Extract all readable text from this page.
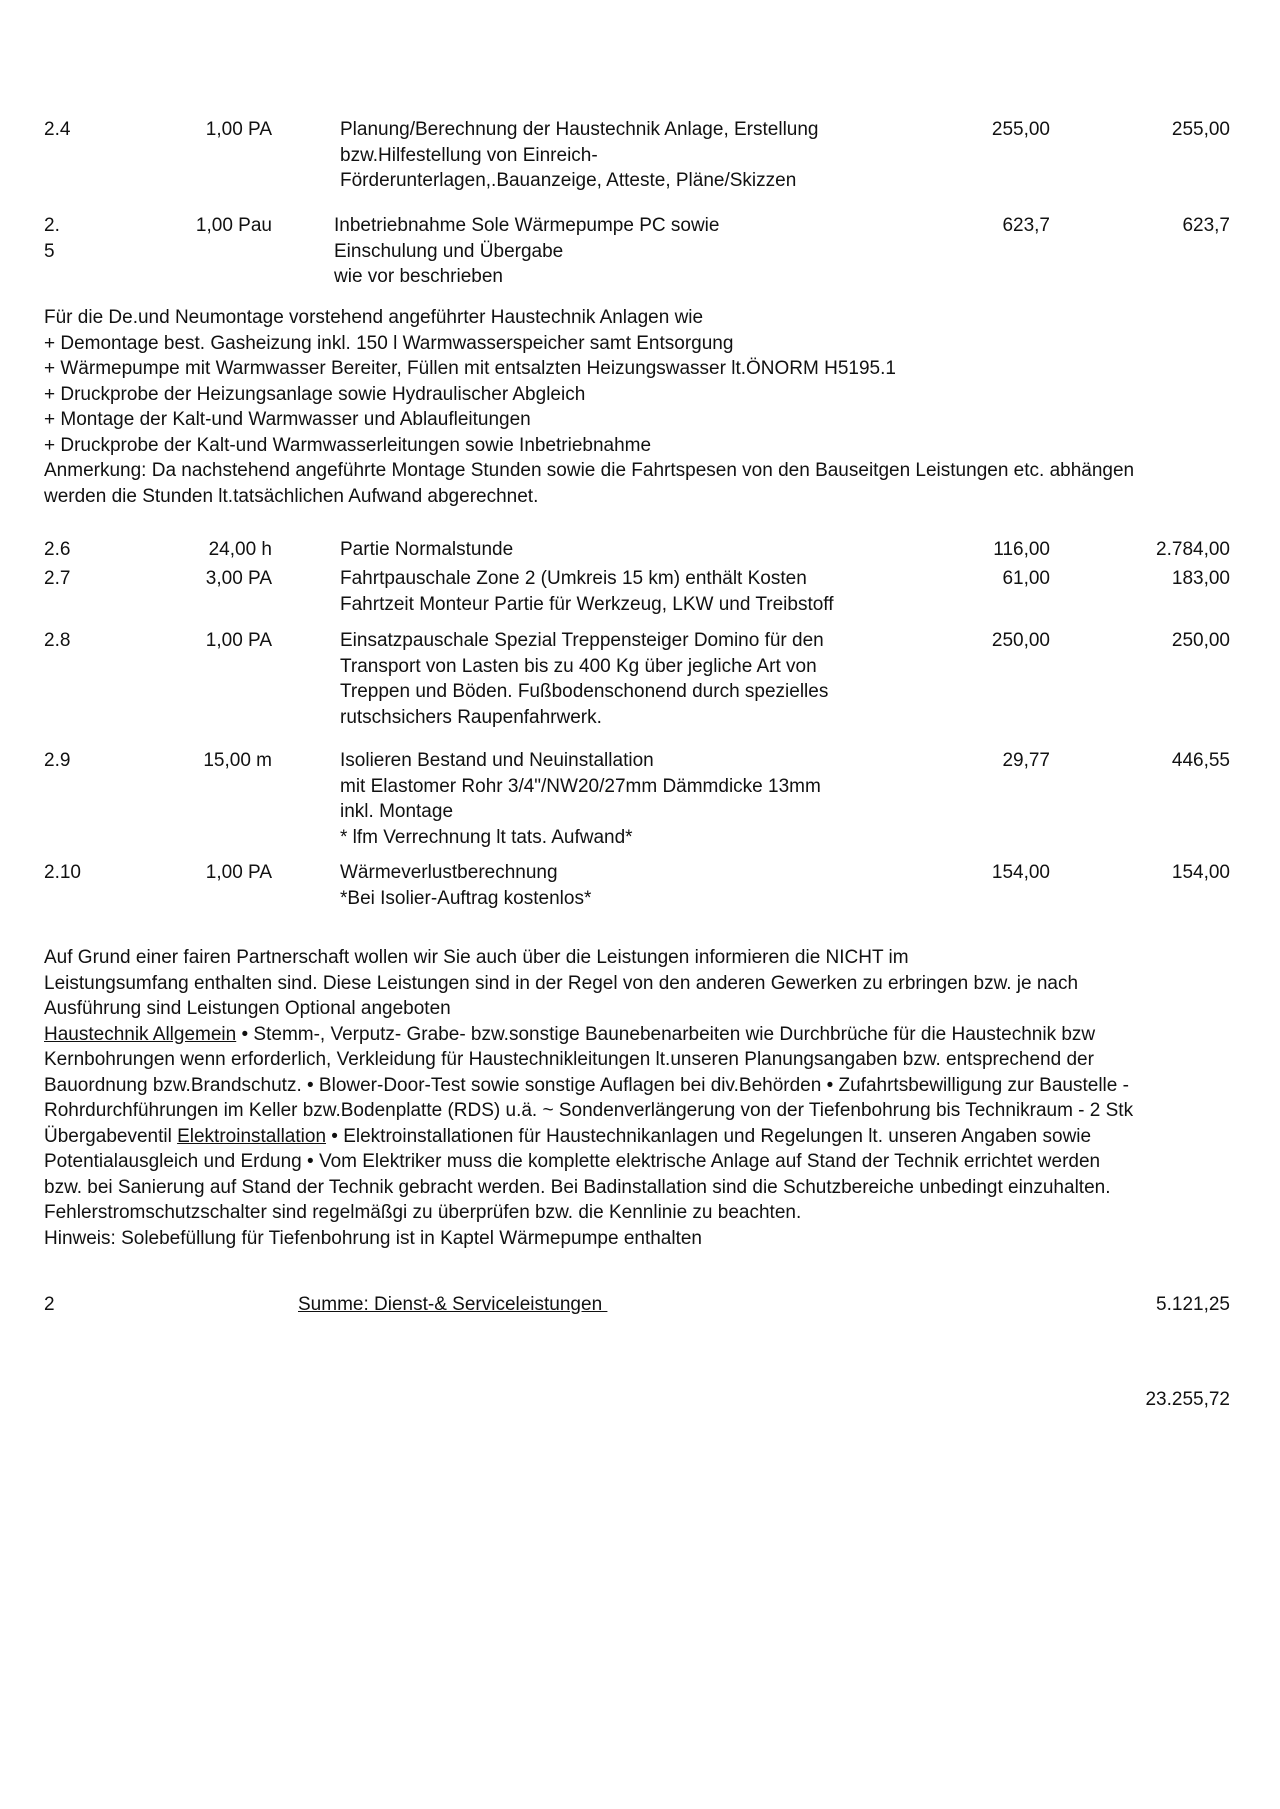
2.4	1,00 PA	Planung/Berechnung der Haustechnik Anlage, Erstellung
bzw.Hilfestellung von Einreich-
Förderunterlagen,.Bauanzeige, Atteste, Pläne/Skizzen
255,00	255,00
2.
5
1,00 Pau	Inbetriebnahme Sole Wärmepumpe PC sowie
Einschulung und Übergabe
wie vor beschrieben
623,7	623,7
Für die De.und Neumontage vorstehend angeführter Haustechnik Anlagen wie
+ Demontage best. Gasheizung inkl. 150 l Warmwasserspeicher samt Entsorgung
+ Wärmepumpe mit Warmwasser Bereiter, Füllen mit entsalzten Heizungswasser lt.ÖNORM H5195.1
+ Druckprobe der Heizungsanlage sowie Hydraulischer Abgleich
+ Montage der Kalt-und Warmwasser und Ablaufleitungen
+ Druckprobe der Kalt-und Warmwasserleitungen sowie Inbetriebnahme
Anmerkung: Da nachstehend angeführte Montage Stunden sowie die Fahrtspesen von den Bauseitgen Leistungen etc. abhängen
werden die Stunden lt.tatsächlichen Aufwand abgerechnet.
2.6	24,00 h	Partie Normalstunde	116,00	2.784,00
2.7	3,00 PA	Fahrtpauschale Zone 2 (Umkreis 15 km) enthält Kosten
Fahrtzeit Monteur Partie für Werkzeug, LKW und Treibstoff
61,00	183,00
2.8	1,00 PA	Einsatzpauschale Spezial Treppensteiger Domino für den
Transport von Lasten bis zu 400 Kg über jegliche Art von
Treppen und Böden. Fußbodenschonend durch spezielles
rutschsichers Raupenfahrwerk.
250,00	250,00
2.9	15,00 m	Isolieren Bestand und Neuinstallation
mit Elastomer Rohr 3/4"/NW20/27mm Dämmdicke 13mm
inkl. Montage
* lfm Verrechnung lt tats. Aufwand*
29,77	446,55
2.10	1,00 PA	Wärmeverlustberechnung
*Bei Isolier-Auftrag kostenlos*
154,00	154,00
Auf Grund einer fairen Partnerschaft wollen wir Sie auch über die Leistungen informieren die NICHT im
Leistungsumfang enthalten sind. Diese Leistungen sind in der Regel von den anderen Gewerken zu erbringen bzw. je nach
Ausführung sind Leistungen Optional angeboten
Haustechnik Allgemein • Stemm-, Verputz- Grabe- bzw.sonstige Baunebenarbeiten wie Durchbrüche für die Haustechnik bzw
Kernbohrungen wenn erforderlich, Verkleidung für Haustechnikleitungen lt.unseren Planungsangaben bzw. entsprechend der
Bauordnung bzw.Brandschutz. • Blower-Door-Test sowie sonstige Auflagen bei div.Behörden • Zufahrtsbewilligung zur Baustelle -
Rohrdurchführungen im Keller bzw.Bodenplatte (RDS) u.ä. ~ Sondenverlängerung von der Tiefenbohrung bis Technikraum - 2 Stk
Übergabeventil Elektroinstallation • Elektroinstallationen für Haustechnikanlagen und Regelungen lt. unseren Angaben sowie
Potentialausgleich und Erdung • Vom Elektriker muss die komplette elektrische Anlage auf Stand der Technik errichtet werden
bzw. bei Sanierung auf Stand der Technik gebracht werden. Bei Badinstallation sind die Schutzbereiche unbedingt einzuhalten.
Fehlerstromschutzschalter sind regelmäßgi zu überprüfen bzw. die Kennlinie zu beachten.
Hinweis: Solebefüllung für Tiefenbohrung ist in Kaptel Wärmepumpe enthalten
2	Summe: Dienst-& Serviceleistungen	5.121,25
23.255,72
